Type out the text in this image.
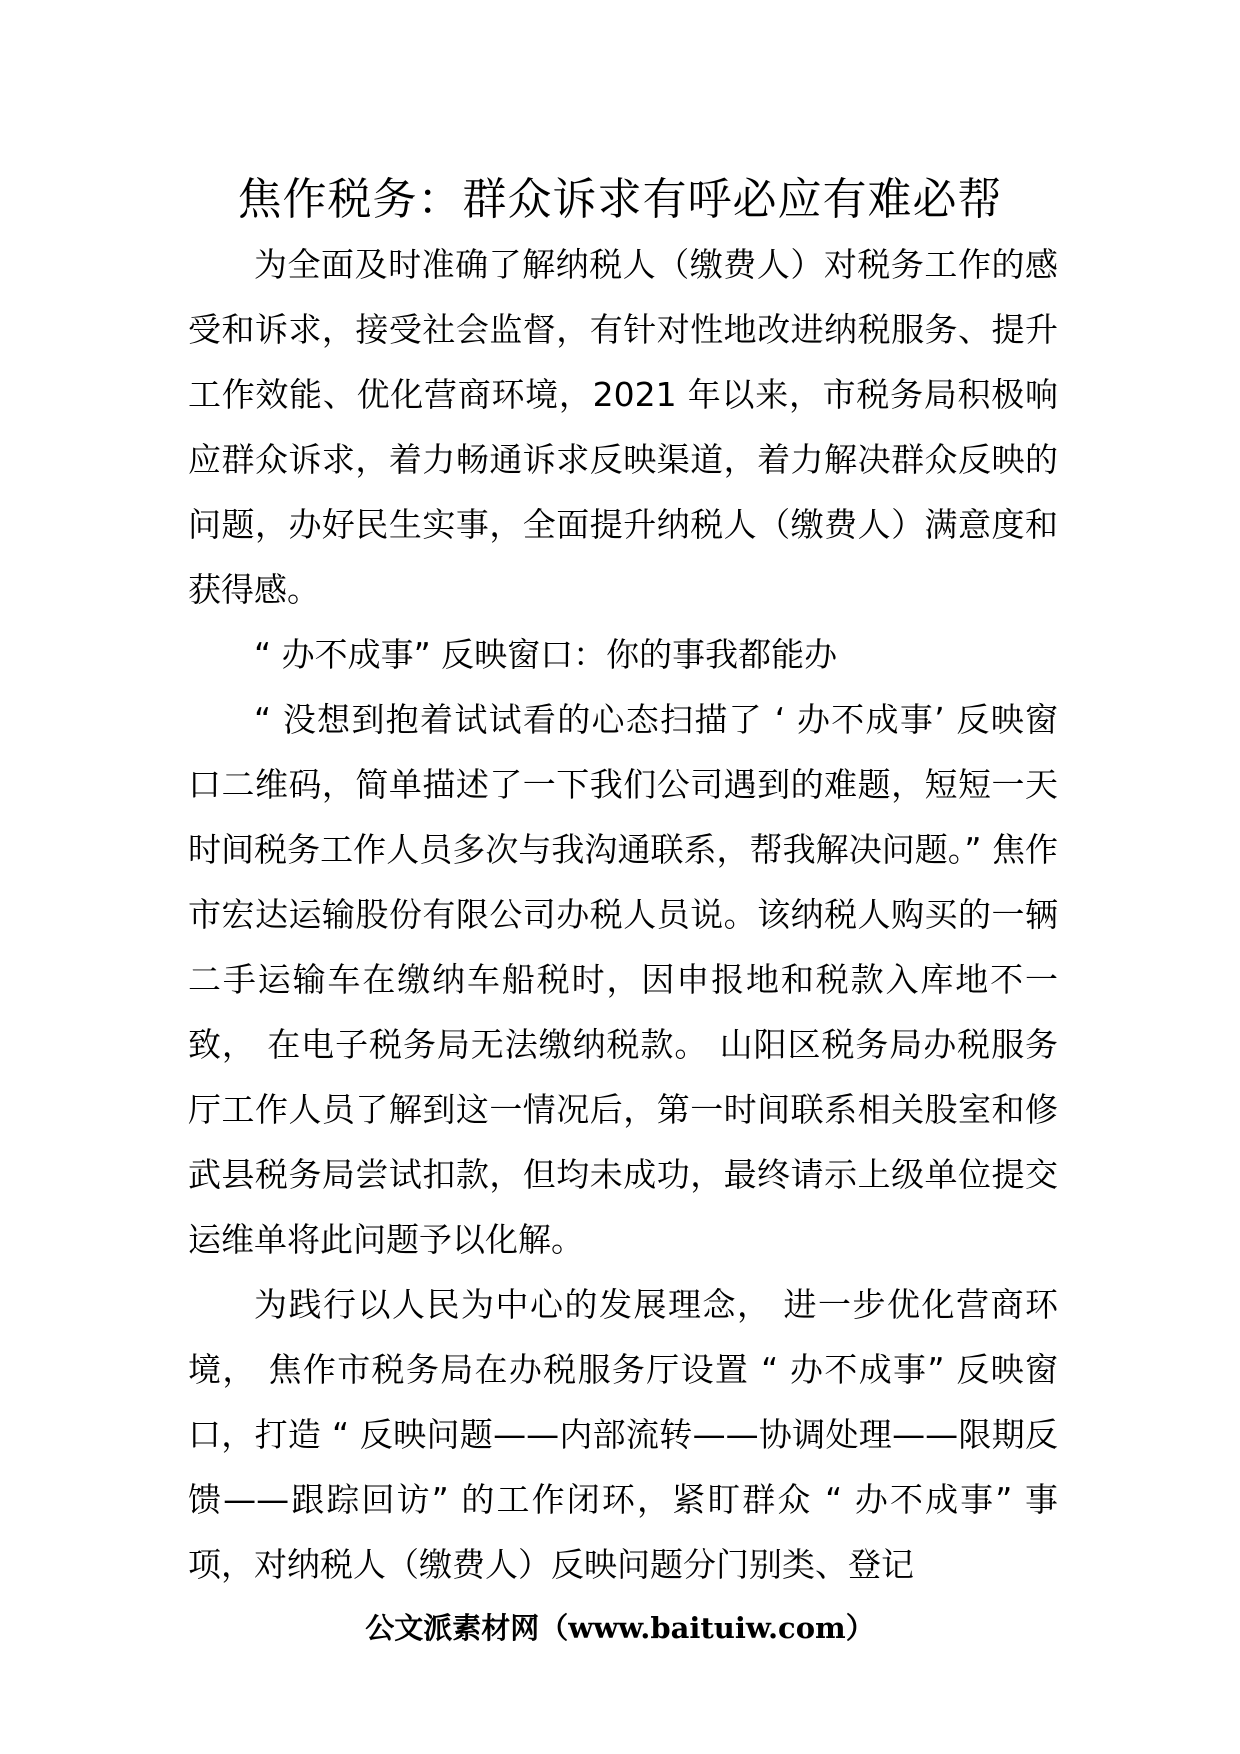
焦作税务：群众诉求有呼必应有难必帮

为全面及时准确了解纳税人（缴费人）对税务工作的感受和诉求，接受社会监督，有针对性地改进纳税服务、提升工作效能、优化营商环境，2021 年以来，市税务局积极响应群众诉求，着力畅通诉求反映渠道，着力解决群众反映的问题，办好民生实事，全面提升纳税人（缴费人）满意度和获得感。

“ 办不成事” 反映窗口：你的事我都能办

“ 没想到抱着试试看的心态扫描了 ‘ 办不成事’ 反映窗口二维码，简单描述了一下我们公司遇到的难题，短短一天时间税务工作人员多次与我沟通联系，帮我解决问题。” 焦作市宏达运输股份有限公司办税人员说。该纳税人购买的一辆二手运输车在缴纳车船税时，因申报地和税款入库地不一致， 在电子税务局无法缴纳税款。 山阳区税务局办税服务厅工作人员了解到这一情况后，第一时间联系相关股室和修武县税务局尝试扣款，但均未成功，最终请示上级单位提交运维单将此问题予以化解。

为践行以人民为中心的发展理念， 进一步优化营商环境， 焦作市税务局在办税服务厅设置 “ 办不成事” 反映窗口，打造 “ 反映问题——内部流转——协调处理——限期反馈——跟踪回访” 的工作闭环，紧盯群众 “ 办不成事” 事项，对纳税人（缴费人）反映问题分门别类、登记

公文派素材网（www.baituiw.com）
